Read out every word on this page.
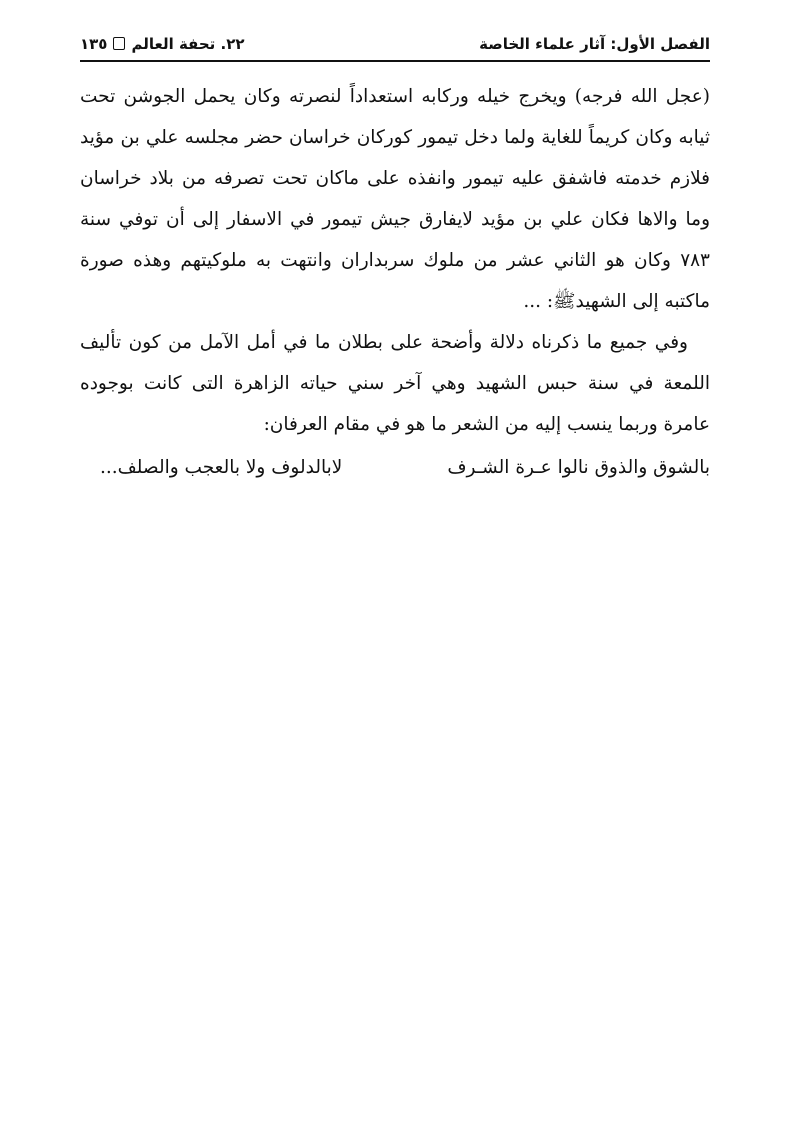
الفصل الأول: آثار علماء الخاصة
٢٢. تحفة العالم١٣٥

(عجل الله فرجه) ويخرج خيله وركابه استعداداً لنصرته وكان يحمل الجوشن تحت ثيابه وكان كريماً للغاية ولما دخل تيمور كوركان خراسان حضر مجلسه علي بن مؤيد فلازم خدمته فاشفق عليه تيمور وانفذه على ماكان تحت تصرفه من بلاد خراسان وما والاها فكان علي بن مؤيد لايفارق جيش تيمور في الاسفار إلى أن توفي سنة ٧٨٣ وكان هو الثاني عشر من ملوك سربداران وانتهت به ملوكيتهم وهذه صورة ماكتبه إلى الشهيدﷺ: ...

وفي جميع ما ذكرناه دلالة وأضحة على بطلان ما في أمل الآمل من كون تأليف اللمعة في سنة حبس الشهيد وهي آخر سني حياته الزاهرة التى كانت بوجوده عامرة وربما ينسب إليه من الشعر ما هو في مقام العرفان:

بالشوق والذوق نالوا عـرة الشـرف
لابالدلوف ولا بالعجب والصلف...
